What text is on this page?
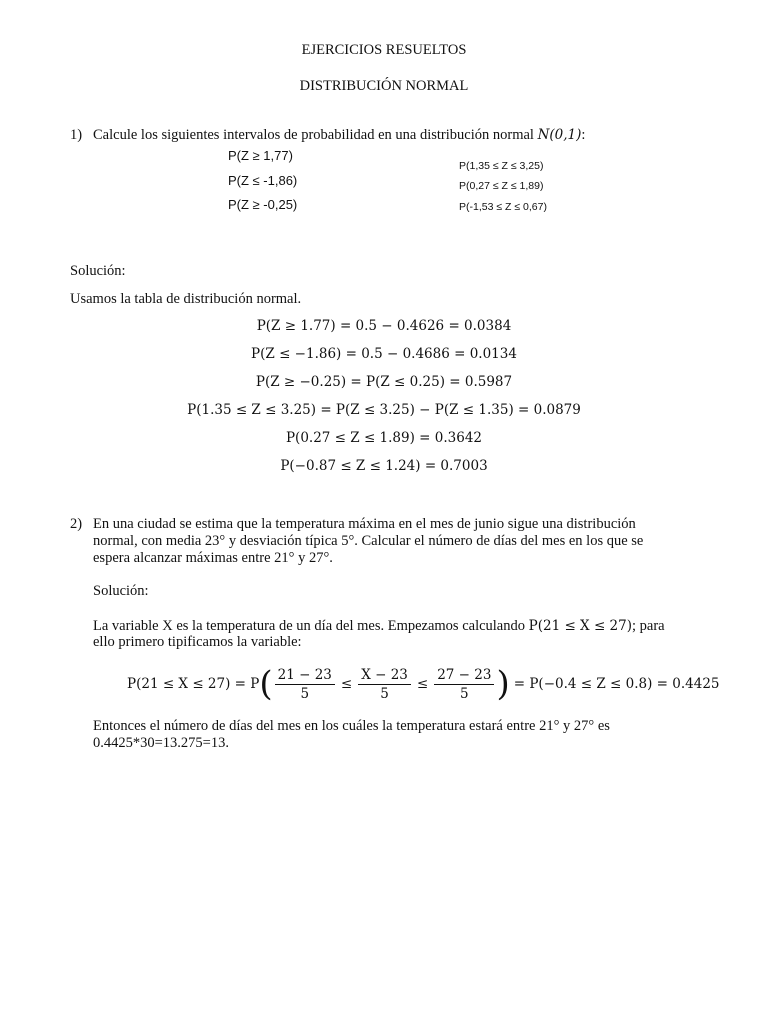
EJERCICIOS RESUELTOS
DISTRIBUCIÓN NORMAL
1) Calcule los siguientes intervalos de probabilidad en una distribución normal N(0,1):
P(Z ≥ 1,77)
P(Z ≤ -1,86)
P(Z ≥ -0,25)
P(1,35 ≤ Z ≤ 3,25)
P(0,27 ≤ Z ≤ 1,89)
P(-1,53 ≤ Z ≤ 0,67)
Solución:
Usamos la tabla de distribución normal.
P(Z ≥ 1.77) = 0.5 − 0.4626 = 0.0384
P(Z ≤ −1.86) = 0.5 − 0.4686 = 0.0134
P(Z ≥ −0.25) = P(Z ≤ 0.25) = 0.5987
P(1.35 ≤ Z ≤ 3.25) = P(Z ≤ 3.25) − P(Z ≤ 1.35) = 0.0879
P(0.27 ≤ Z ≤ 1.89) = 0.3642
P(−0.87 ≤ Z ≤ 1.24) = 0.7003
2) En una ciudad se estima que la temperatura máxima en el mes de junio sigue una distribución
normal, con media 23° y desviación típica 5°. Calcular el número de días del mes en los que se
espera alcanzar máximas entre 21° y 27°.
Solución:
La variable X es la temperatura de un día del mes. Empezamos calculando P(21 ≤ X ≤ 27); para
ello primero tipificamos la variable:
P(21 ≤ X ≤ 27) = P ( $\frac{21 - 23}{5} \le \frac{X - 23}{5} \le \frac{27 - 23}{5}$ ) = P(−0.4 ≤ Z ≤ 0.8) = 0.4425
Entonces el número de días del mes en los cuáles la temperatura estará entre 21° y 27° es
0.4425*30=13.275=13.
